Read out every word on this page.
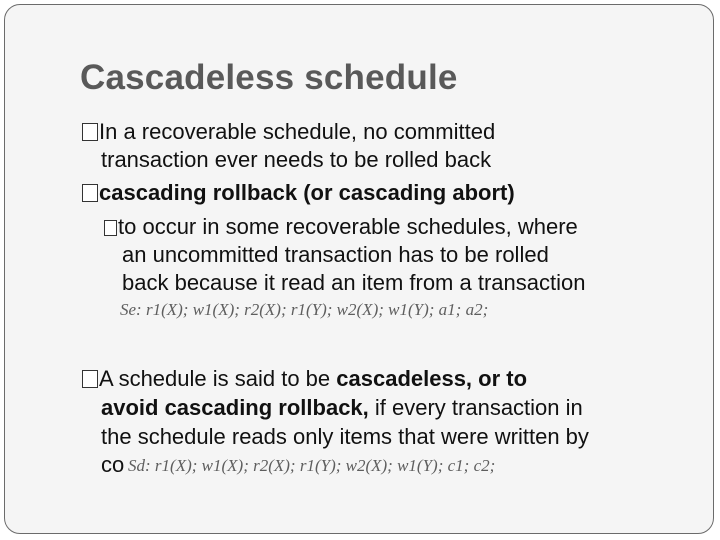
Cascadeless schedule
In a recoverable schedule, no committed
transaction ever needs to be rolled back
cascading rollback (or cascading abort)
to occur in some recoverable schedules, where
an uncommitted transaction has to be rolled
back because it read an item from a transaction
Se: r1(X); w1(X); r2(X); r1(Y); w2(X); w1(Y); a1; a2;
A schedule is said to be cascadeless, or to
avoid cascading rollback, if every transaction in
the schedule reads only items that were written by
co Sd: r1(X); w1(X); r2(X); r1(Y); w2(X); w1(Y); c1; c2;
